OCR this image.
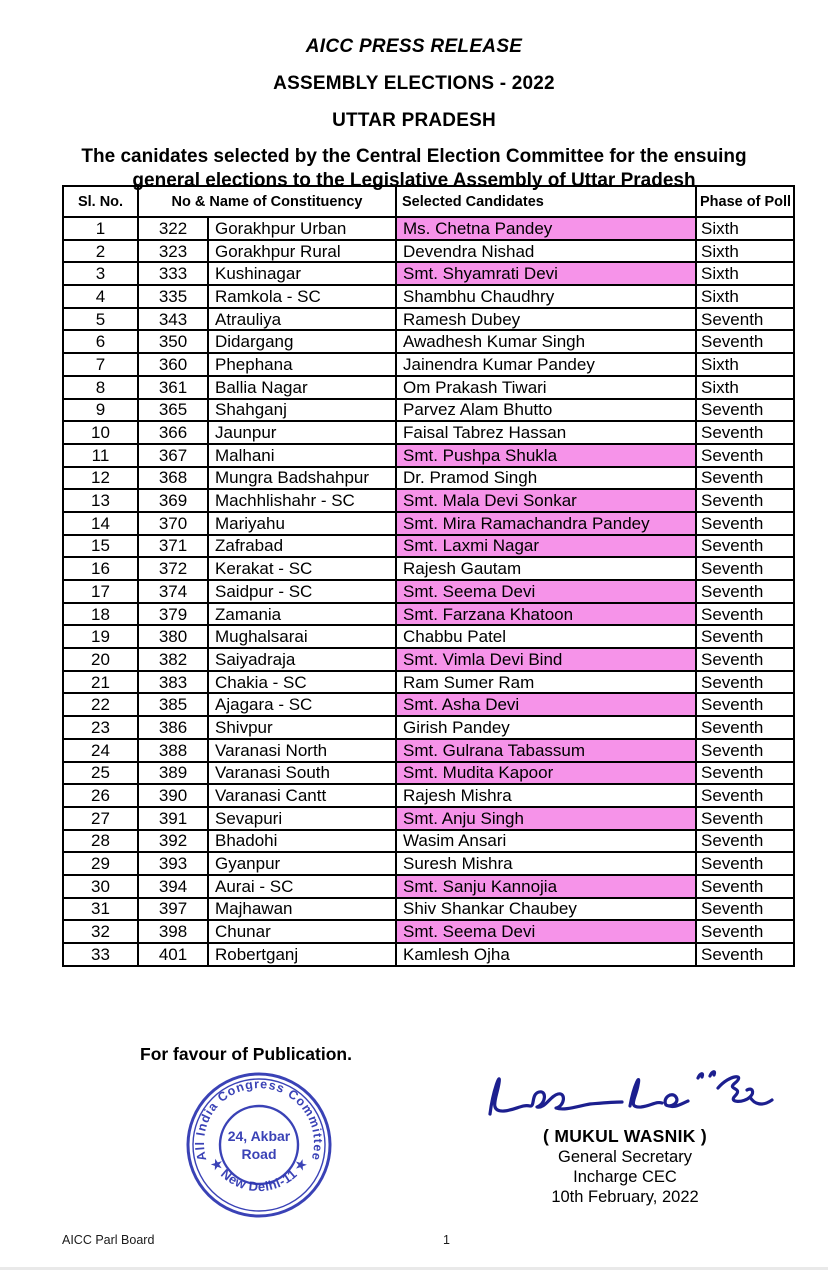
AICC PRESS RELEASE
ASSEMBLY ELECTIONS - 2022
UTTAR PRADESH
The canidates selected by the Central Election Committee for the ensuing
general elections to the Legislative Assembly of Uttar Pradesh
Sl. No.	No & Name of Constituency		Selected Candidates	Phase of Poll
1	322	Gorakhpur Urban	Ms. Chetna Pandey	Sixth
2	323	Gorakhpur Rural	Devendra Nishad	Sixth
3	333	Kushinagar	Smt. Shyamrati Devi	Sixth
4	335	Ramkola - SC	Shambhu Chaudhry	Sixth
5	343	Atrauliya	Ramesh Dubey	Seventh
6	350	Didargang	Awadhesh Kumar Singh	Seventh
7	360	Phephana	Jainendra Kumar Pandey	Sixth
8	361	Ballia Nagar	Om Prakash Tiwari	Sixth
9	365	Shahganj	Parvez Alam Bhutto	Seventh
10	366	Jaunpur	Faisal Tabrez Hassan	Seventh
11	367	Malhani	Smt. Pushpa Shukla	Seventh
12	368	Mungra Badshahpur	Dr. Pramod Singh	Seventh
13	369	Machhlishahr - SC	Smt. Mala Devi Sonkar	Seventh
14	370	Mariyahu	Smt. Mira Ramachandra Pandey	Seventh
15	371	Zafrabad	Smt. Laxmi Nagar	Seventh
16	372	Kerakat - SC	Rajesh Gautam	Seventh
17	374	Saidpur - SC	Smt. Seema Devi	Seventh
18	379	Zamania	Smt. Farzana Khatoon	Seventh
19	380	Mughalsarai	Chabbu Patel	Seventh
20	382	Saiyadraja	Smt. Vimla Devi Bind	Seventh
21	383	Chakia - SC	Ram Sumer Ram	Seventh
22	385	Ajagara - SC	Smt. Asha Devi	Seventh
23	386	Shivpur	Girish Pandey	Seventh
24	388	Varanasi North	Smt. Gulrana Tabassum	Seventh
25	389	Varanasi South	Smt. Mudita Kapoor	Seventh
26	390	Varanasi Cantt	Rajesh Mishra	Seventh
27	391	Sevapuri	Smt. Anju Singh	Seventh
28	392	Bhadohi	Wasim Ansari	Seventh
29	393	Gyanpur	Suresh Mishra	Seventh
30	394	Aurai - SC	Smt. Sanju Kannojia	Seventh
31	397	Majhawan	Shiv Shankar Chaubey	Seventh
32	398	Chunar	Smt. Seema Devi	Seventh
33	401	Robertganj	Kamlesh Ojha	Seventh
For favour of Publication.
All India Congress Committee
★ New Delhi-11 ★
24, Akbar
Road
( MUKUL WASNIK )
General Secretary
Incharge CEC
10th February, 2022
AICC Parl Board	1
